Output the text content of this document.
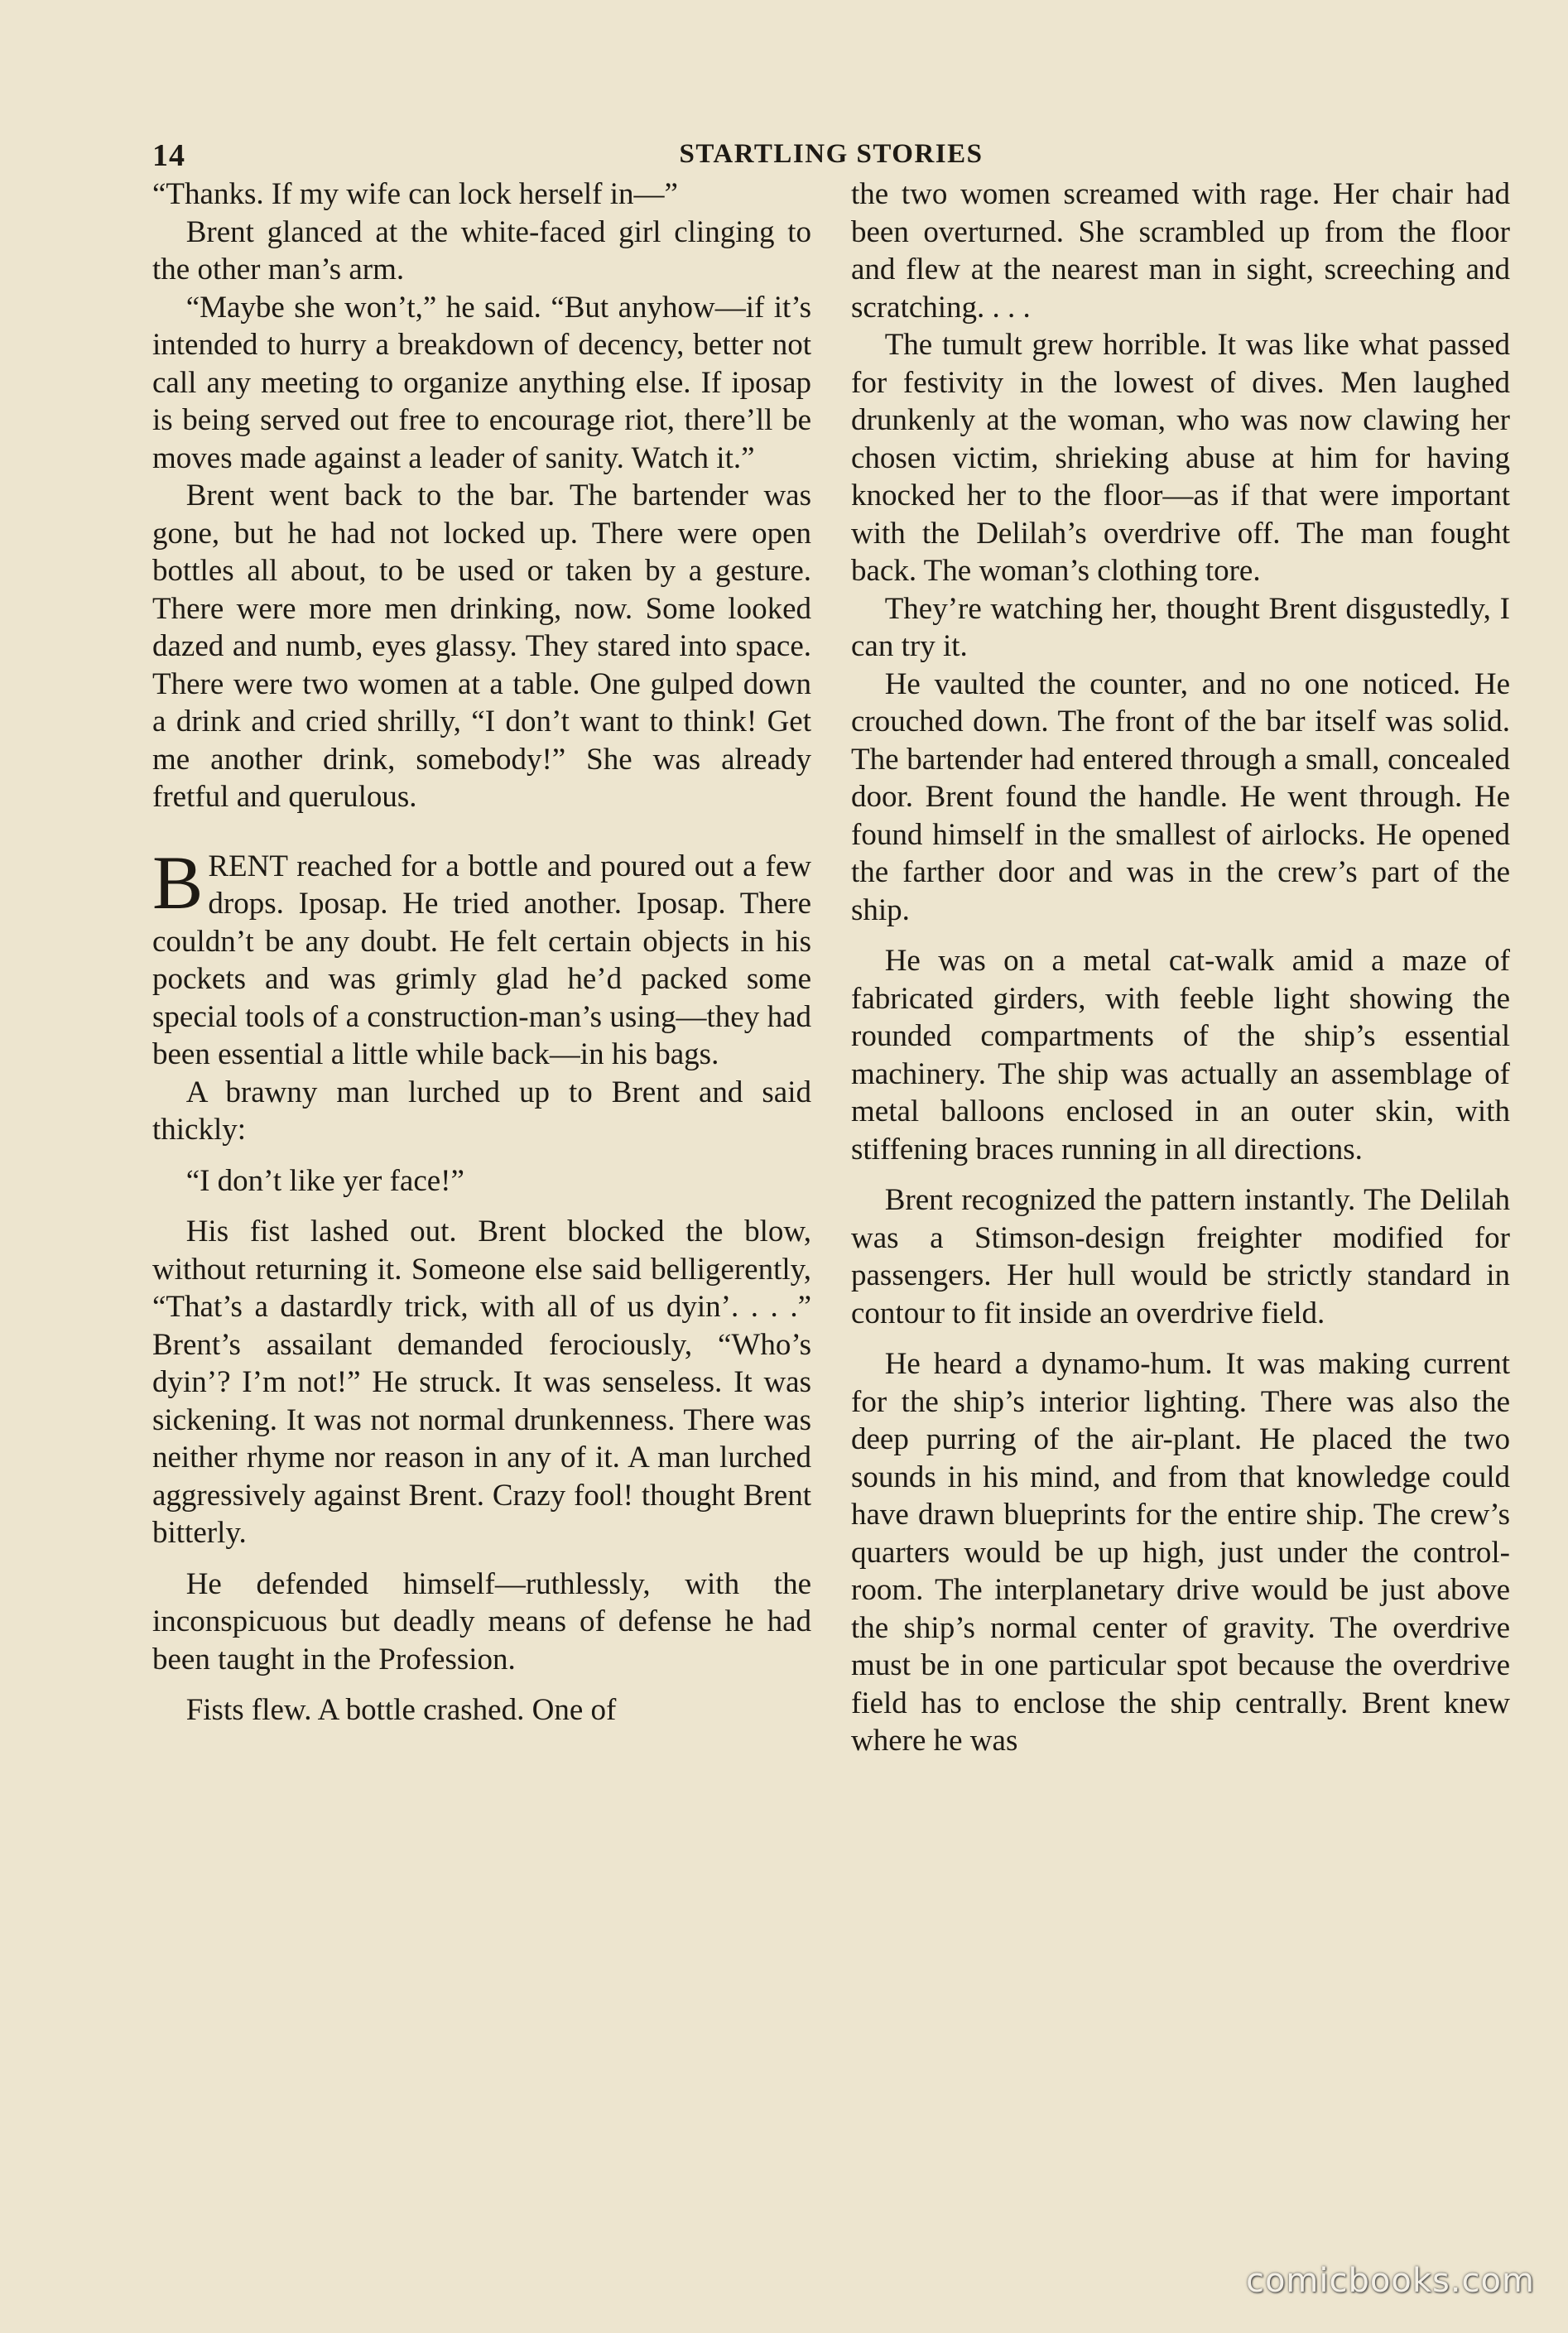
14	STARTLING STORIES

“Thanks. If my wife can lock herself in—”

Brent glanced at the white-faced girl clinging to the other man’s arm.

“Maybe she won’t,” he said. “But anyhow—if it’s intended to hurry a breakdown of decency, better not call any meeting to organize anything else. If iposap is being served out free to encourage riot, there’ll be moves made against a leader of sanity. Watch it.”

Brent went back to the bar. The bartender was gone, but he had not locked up. There were open bottles all about, to be used or taken by a gesture. There were more men drinking, now. Some looked dazed and numb, eyes glassy. They stared into space. There were two women at a table. One gulped down a drink and cried shrilly, “I don’t want to think! Get me another drink, somebody!” She was already fretful and querulous.

BRENT reached for a bottle and poured out a few drops. Iposap. He tried another. Iposap. There couldn’t be any doubt. He felt certain objects in his pockets and was grimly glad he’d packed some special tools of a construction-man’s using—they had been essential a little while back—in his bags.

A brawny man lurched up to Brent and said thickly:

“I don’t like yer face!”

His fist lashed out. Brent blocked the blow, without returning it. Someone else said belligerently, “That’s a dastardly trick, with all of us dyin’. . . .” Brent’s assailant demanded ferociously, “Who’s dyin’? I’m not!” He struck. It was senseless. It was sickening. It was not normal drunkenness. There was neither rhyme nor reason in any of it. A man lurched aggressively against Brent. Crazy fool! thought Brent bitterly.

He defended himself—ruthlessly, with the inconspicuous but deadly means of defense he had been taught in the Profession.

Fists flew. A bottle crashed. One of

the two women screamed with rage. Her chair had been overturned. She scrambled up from the floor and flew at the nearest man in sight, screeching and scratching. . . .

The tumult grew horrible. It was like what passed for festivity in the lowest of dives. Men laughed drunkenly at the woman, who was now clawing her chosen victim, shrieking abuse at him for having knocked her to the floor—as if that were important with the Delilah’s overdrive off. The man fought back. The woman’s clothing tore.

They’re watching her, thought Brent disgustedly, I can try it.

He vaulted the counter, and no one noticed. He crouched down. The front of the bar itself was solid. The bartender had entered through a small, concealed door. Brent found the handle. He went through. He found himself in the smallest of airlocks. He opened the farther door and was in the crew’s part of the ship.

He was on a metal cat-walk amid a maze of fabricated girders, with feeble light showing the rounded compartments of the ship’s essential machinery. The ship was actually an assemblage of metal balloons enclosed in an outer skin, with stiffening braces running in all directions.

Brent recognized the pattern instantly. The Delilah was a Stimson-design freighter modified for passengers. Her hull would be strictly standard in contour to fit inside an overdrive field.

He heard a dynamo-hum. It was making current for the ship’s interior lighting. There was also the deep purring of the air-plant. He placed the two sounds in his mind, and from that knowledge could have drawn blueprints for the entire ship. The crew’s quarters would be up high, just under the control-room. The interplanetary drive would be just above the ship’s normal center of gravity. The overdrive must be in one particular spot because the overdrive field has to enclose the ship centrally. Brent knew where he was

comicbooks.com
